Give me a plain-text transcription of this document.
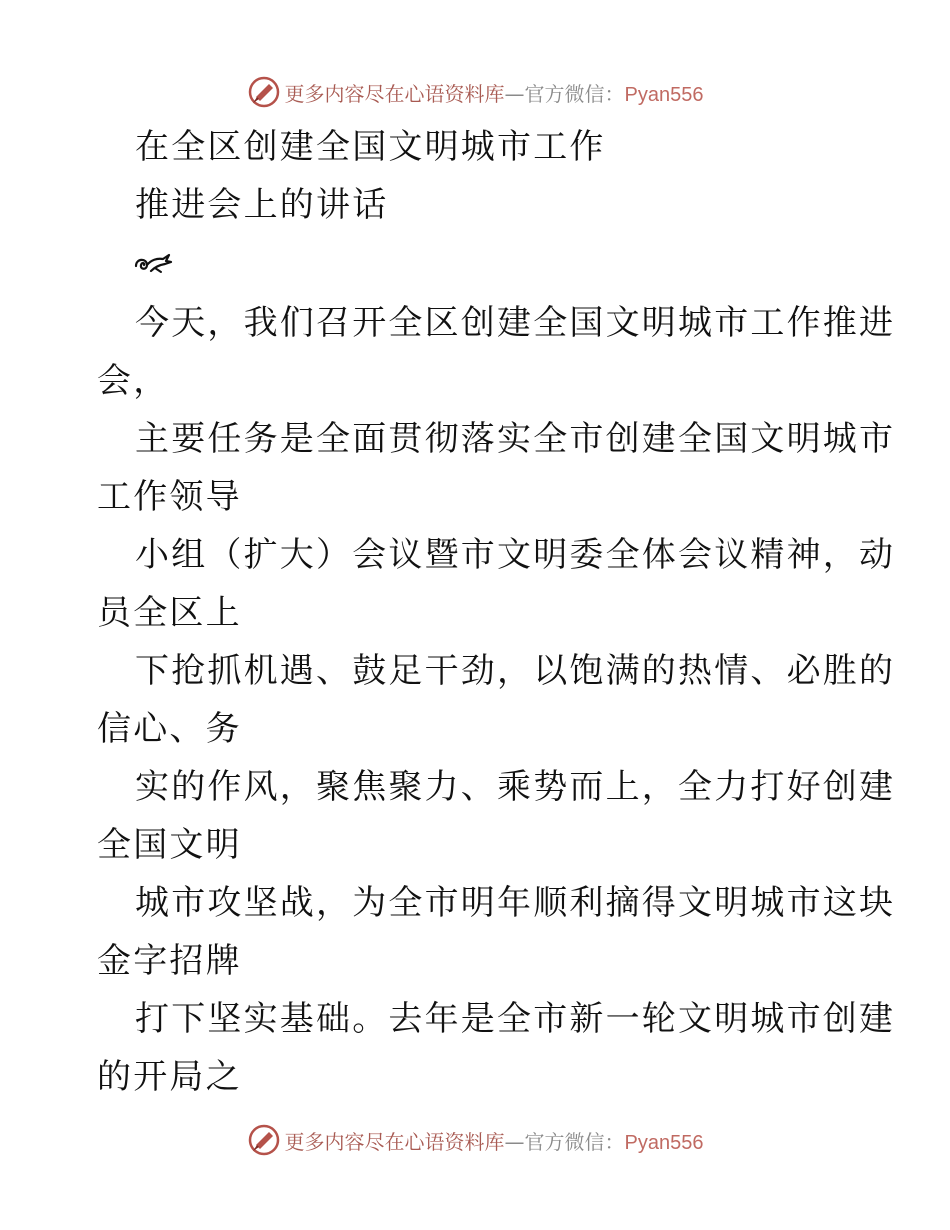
更多内容尽在心语资料库—官方微信：Pyan556
在全区创建全国文明城市工作
推进会上的讲话
今天，我们召开全区创建全国文明城市工作推进
会，
主要任务是全面贯彻落实全市创建全国文明城市
工作领导
小组（扩大）会议暨市文明委全体会议精神，动
员全区上
下抢抓机遇、鼓足干劲，以饱满的热情、必胜的
信心、务
实的作风，聚焦聚力、乘势而上，全力打好创建
全国文明
城市攻坚战，为全市明年顺利摘得文明城市这块
金字招牌
打下坚实基础。去年是全市新一轮文明城市创建
的开局之
更多内容尽在心语资料库—官方微信：Pyan556
